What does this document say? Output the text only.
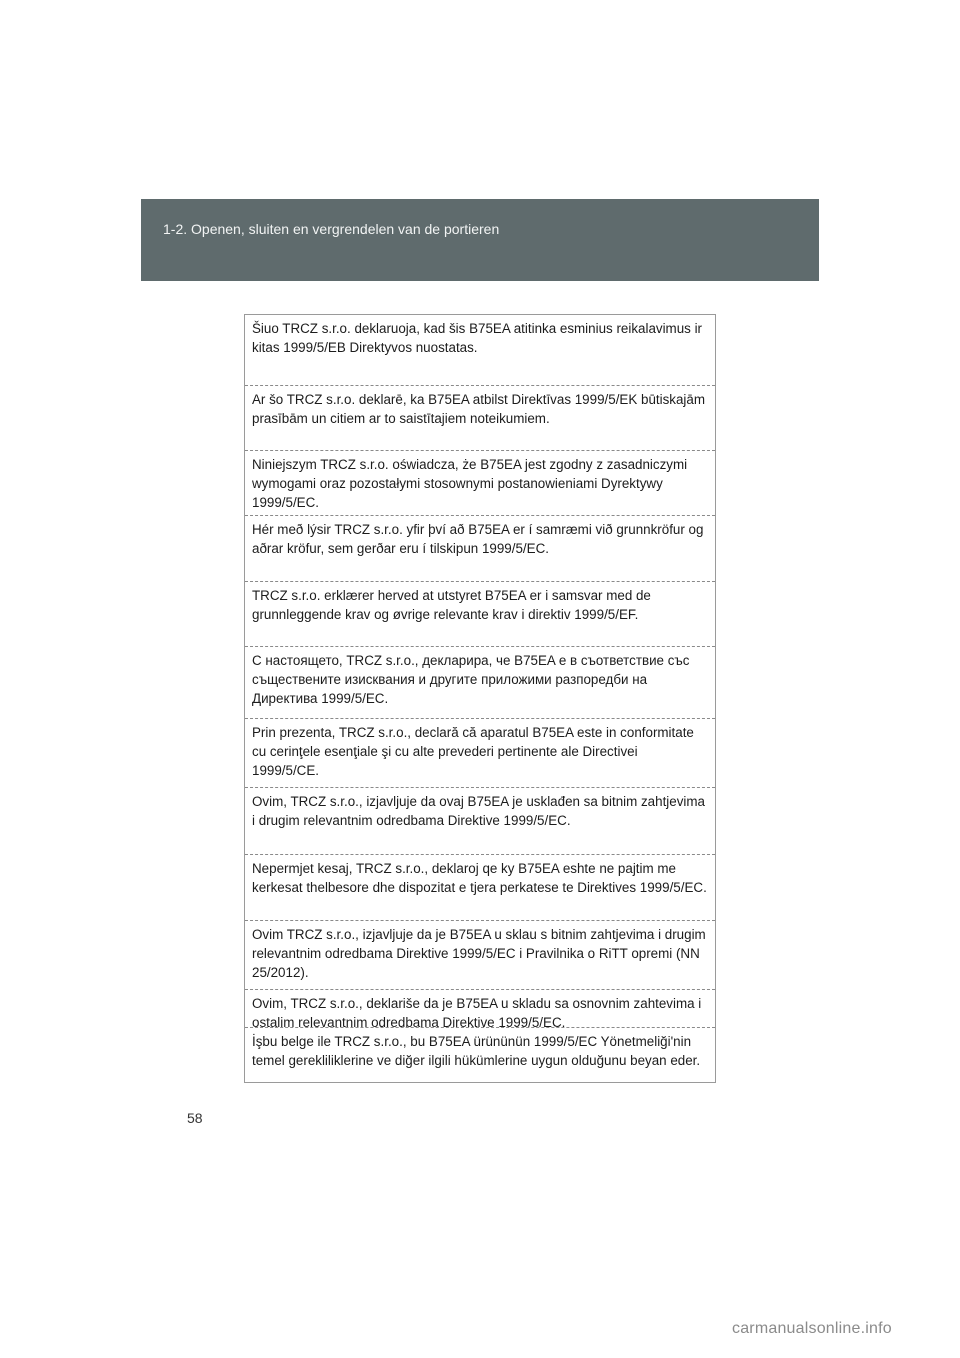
1-2. Openen, sluiten en vergrendelen van de portieren
Šiuo TRCZ s.r.o. deklaruoja, kad šis B75EA atitinka esminius reikalavimus ir kitas 1999/5/EB Direktyvos nuostatas.
Ar šo TRCZ s.r.o. deklarē, ka B75EA atbilst Direktīvas 1999/5/EK būtiskajām prasībām un citiem ar to saistītajiem noteikumiem.
Niniejszym TRCZ s.r.o. oświadcza, że B75EA jest zgodny z zasadniczymi wymogami oraz pozostałymi stosownymi postanowieniami Dyrektywy 1999/5/EC.
Hér með lýsir TRCZ s.r.o. yfir því að B75EA er í samræmi við grunnkröfur og aðrar kröfur, sem gerðar eru í tilskipun 1999/5/EC.
TRCZ s.r.o. erklærer herved at utstyret B75EA er i samsvar med de grunnleggende krav og øvrige relevante krav i direktiv 1999/5/EF.
С настоящето, TRCZ s.r.o., декларира, че B75EA е в съответствие със съществените изисквания и другите приложими разпоредби на Директива 1999/5/EC.
Prin prezenta, TRCZ s.r.o., declară că aparatul B75EA este in conformitate cu cerinţele esenţiale şi cu alte prevederi pertinente ale Directivei 1999/5/CE.
Ovim, TRCZ s.r.o., izjavljuje da ovaj B75EA je usklađen sa bitnim zahtjevima i drugim relevantnim odredbama Direktive 1999/5/EC.
Nepermjet kesaj, TRCZ s.r.o., deklaroj qe ky B75EA eshte ne pajtim me kerkesat thelbesore dhe dispozitat e tjera perkatese te Direktives 1999/5/EC.
Ovim TRCZ s.r.o., izjavljuje da je B75EA u sklau s bitnim zahtjevima i drugim relevantnim odredbama Direktive 1999/5/EC i Pravilnika o RiTT opremi (NN 25/2012).
Ovim, TRCZ s.r.o., deklariše da je B75EA u skladu sa osnovnim zahtevima i ostalim relevantnim odredbama Direktive 1999/5/EC.
İşbu belge ile TRCZ s.r.o., bu B75EA ürününün 1999/5/EC Yönetmeliği'nin temel gerekliliklerine ve diğer ilgili hükümlerine uygun olduğunu beyan eder.
58
carmanualsonline.info
